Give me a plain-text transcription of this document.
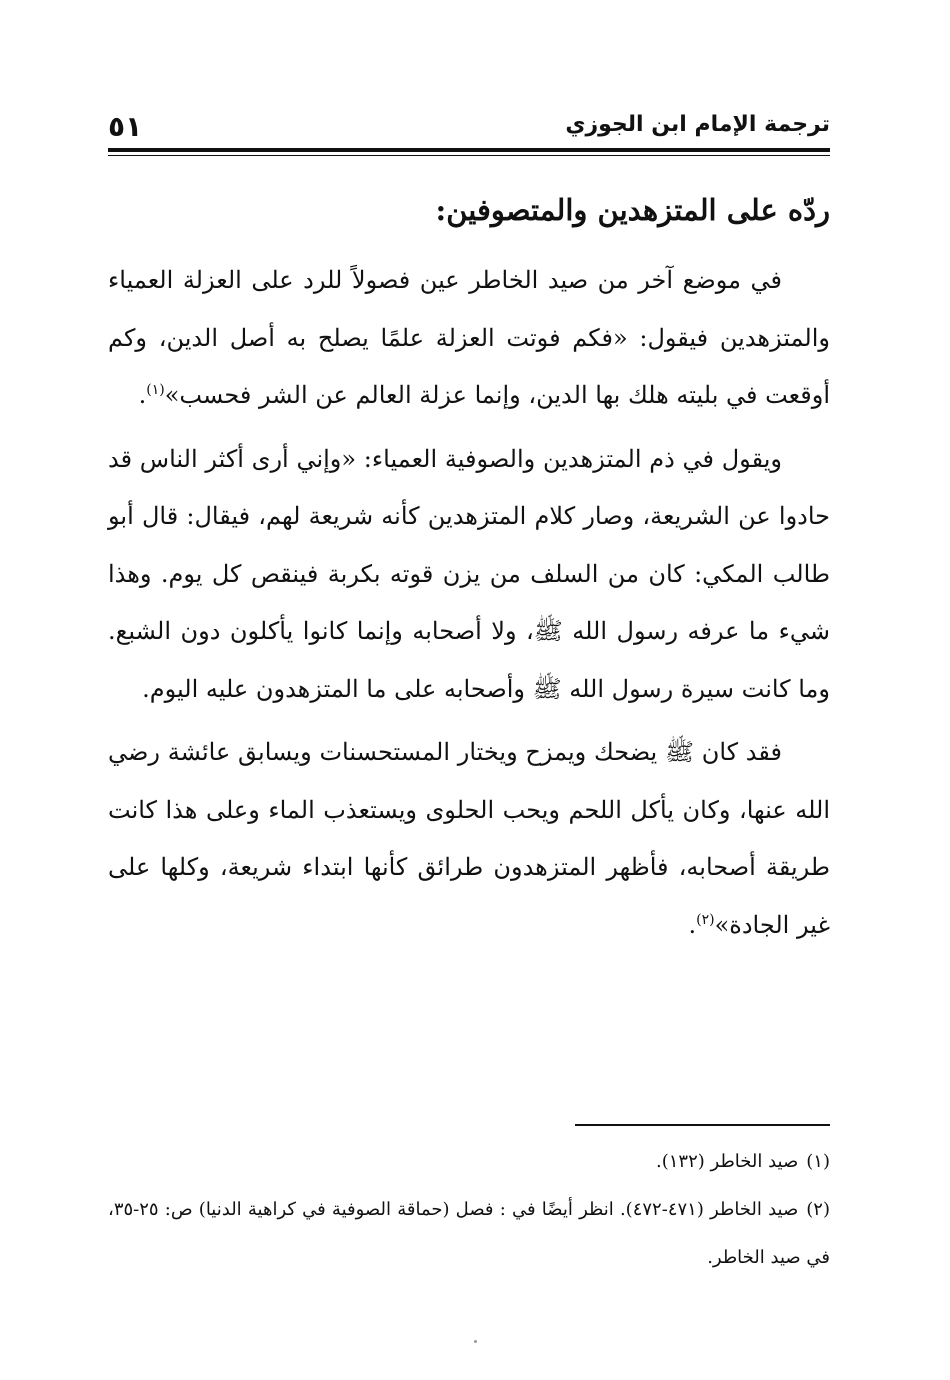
ترجمة الإمام ابن الجوزي
٥١
ردّه على المتزهدين والمتصوفين:

في موضع آخر من صيد الخاطر عين فصولاً للرد على العزلة العمياء والمتزهدين فيقول: «فكم فوتت العزلة علمًا يصلح به أصل الدين، وكم أوقعت في بليته هلك بها الدين، وإنما عزلة العالم عن الشر فحسب»$^{(١)}$.

ويقول في ذم المتزهدين والصوفية العمياء: «وإني أرى أكثر الناس قد حادوا عن الشريعة، وصار كلام المتزهدين كأنه شريعة لهم، فيقال: قال أبو طالب المكي: كان من السلف من يزن قوته بكربة فينقص كل يوم. وهذا شيء ما عرفه رسول الله ﷺ، ولا أصحابه وإنما كانوا يأكلون دون الشبع. وما كانت سيرة رسول الله ﷺ وأصحابه على ما المتزهدون عليه اليوم.

فقد كان ﷺ يضحك ويمزح ويختار المستحسنات ويسابق عائشة رضي الله عنها، وكان يأكل اللحم ويحب الحلوى ويستعذب الماء وعلى هذا كانت طريقة أصحابه، فأظهر المتزهدون طرائق كأنها ابتداء شريعة، وكلها على غير الجادة»$^{(٢)}$.

(١)صيد الخاطر (١٣٢).

(٢)صيد الخاطر (٤٧١-٤٧٢). انظر أيضًا في : فصل (حماقة الصوفية في كراهية الدنيا) ص: ٢٥-٣٥، في صيد الخاطر.
